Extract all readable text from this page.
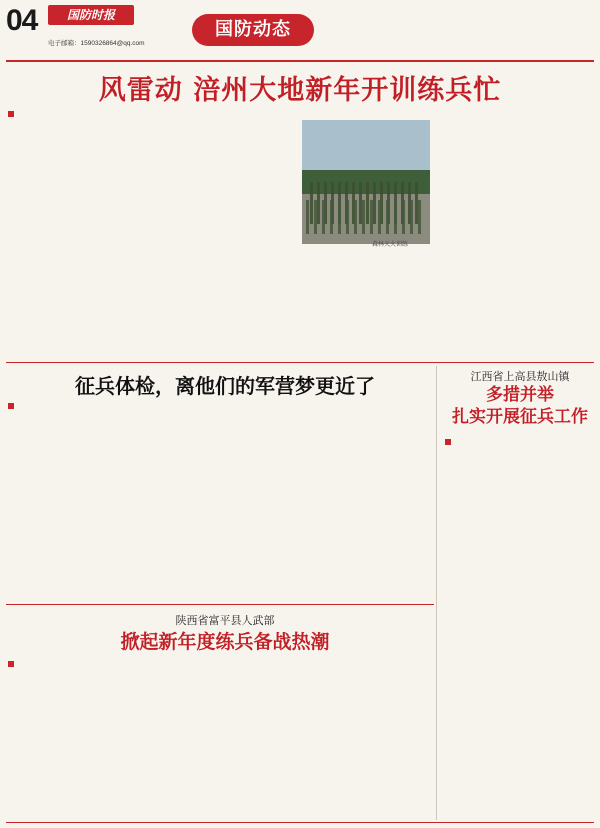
04	国防时报
电子邮箱：1590326864@qq.com
国防动态
风雷动 涪州大地新年开训练兵忙
森林灭火训练
征兵体检，离他们的军营梦更近了	江西省上高县敖山镇
多措并举
扎实开展征兵工作
陕西省富平县人武部
掀起新年度练兵备战热潮
